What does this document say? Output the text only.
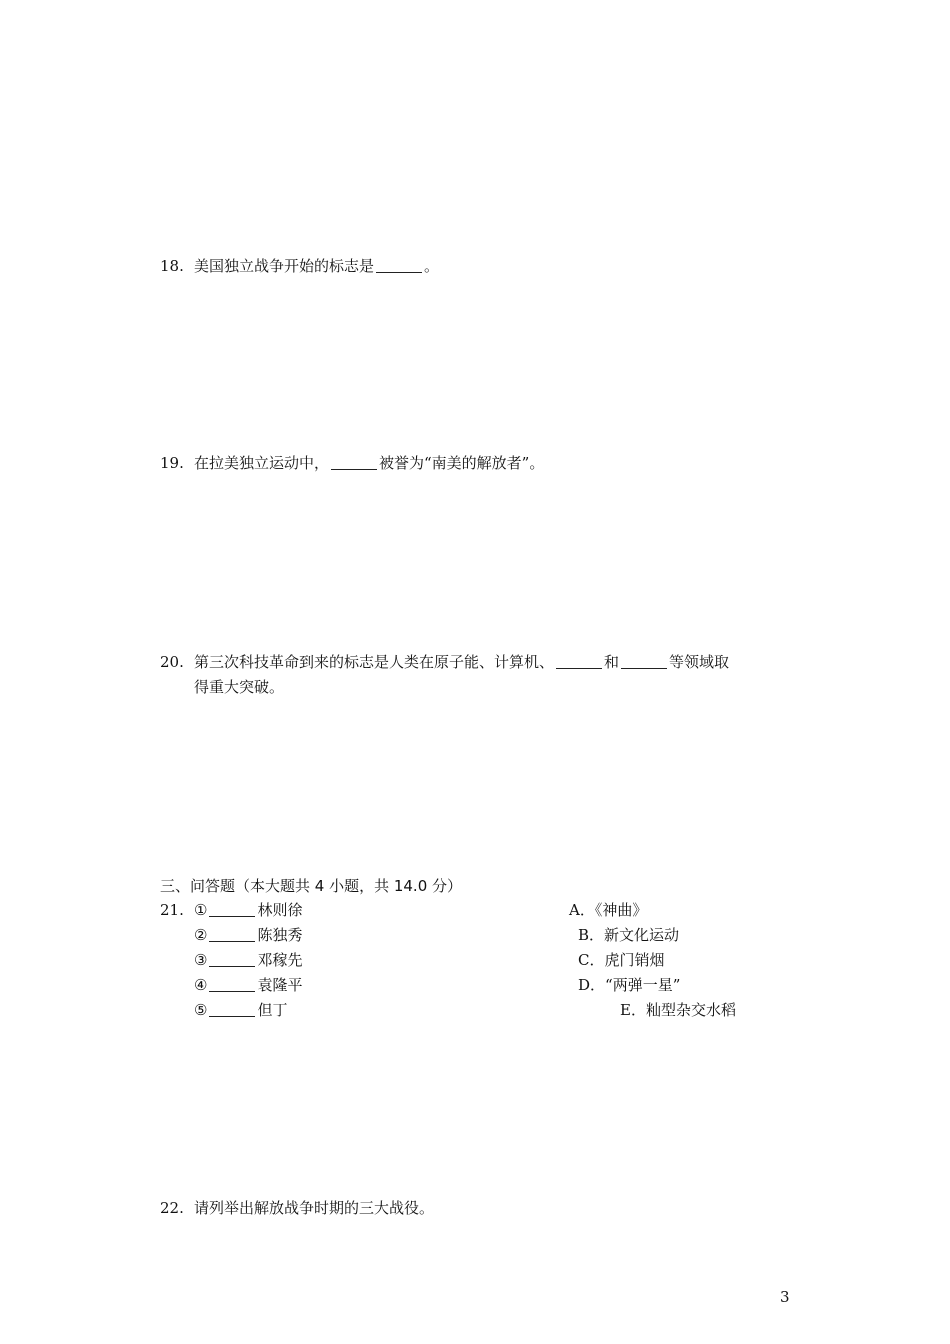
18. 美国独立战争开始的标志是	。
19. 在拉美独立运动中，	被誉为“南美的解放者”。
20. 第三次科技革命到来的标志是人类在原子能、计算机、	和	等领域取
得重大突破。
三、问答题（本大题共 4 小题，共 14.0 分）
21. ①	林则徐
②	陈独秀
③	邓稼先
④	袁隆平
⑤	但丁
A．《神曲》
B．新文化运动
C．虎门销烟
D．“两弹一星”
E．籼型杂交水稻
22. 请列举出解放战争时期的三大战役。
3
